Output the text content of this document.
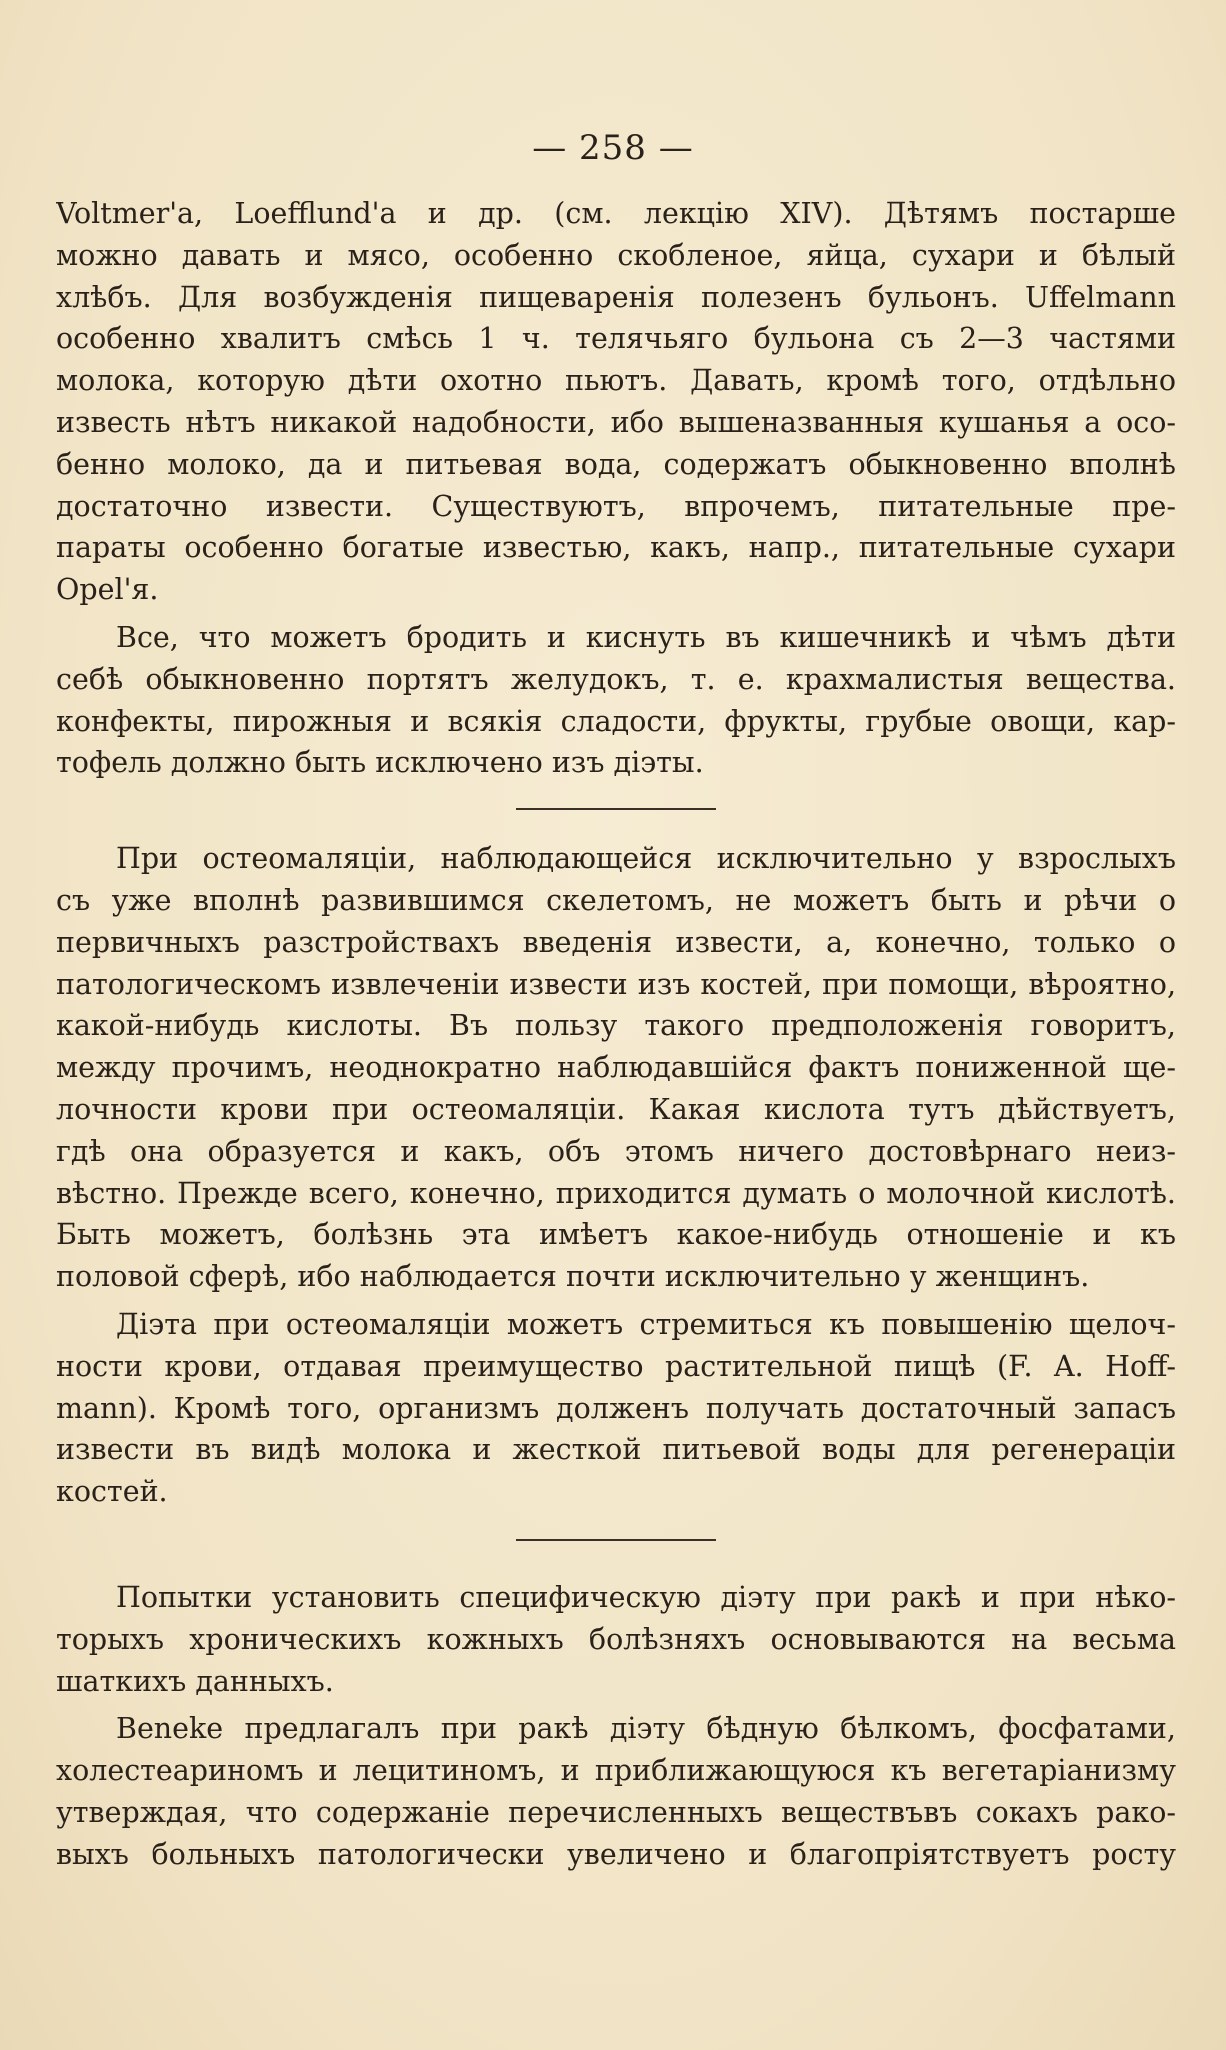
— 258 —
Voltmer'a, Loefflund'a и др. (см. лекцію XIV). Дѣтямъ постарше
можно давать и мясо, особенно скобленое, яйца, сухари и бѣлый
хлѣбъ. Для возбужденія пищеваренія полезенъ бульонъ. Uffelmann
особенно хвалитъ смѣсь 1 ч. телячьяго бульона съ 2—3 частями
молока, которую дѣти охотно пьютъ. Давать, кромѣ того, отдѣльно
известь нѣтъ никакой надобности, ибо вышеназванныя кушанья а осо-
бенно молоко, да и питьевая вода, содержатъ обыкновенно вполнѣ
достаточно извести. Существуютъ, впрочемъ, питательные пре-
параты особенно богатые известью, какъ, напр., питательные сухари
Opel'я.
Все, что можетъ бродить и киснуть въ кишечникѣ и чѣмъ дѣти
себѣ обыкновенно портятъ желудокъ, т. е. крахмалистыя вещества.
конфекты, пирожныя и всякія сладости, фрукты, грубые овощи, кар-
тофель должно быть исключено изъ діэты.
При остеомаляціи, наблюдающейся исключительно у взрослыхъ
съ уже вполнѣ развившимся скелетомъ, не можетъ быть и рѣчи о
первичныхъ разстройствахъ введенія извести, а, конечно, только о
патологическомъ извлеченіи извести изъ костей, при помощи, вѣроятно,
какой-нибудь кислоты. Въ пользу такого предположенія говоритъ,
между прочимъ, неоднократно наблюдавшійся фактъ пониженной ще-
лочности крови при остеомаляціи. Какая кислота тутъ дѣйствуетъ,
гдѣ она образуется и какъ, объ этомъ ничего достовѣрнаго неиз-
вѣстно. Прежде всего, конечно, приходится думать о молочной кислотѣ.
Быть можетъ, болѣзнь эта имѣетъ какое-нибудь отношеніе и къ
половой сферѣ, ибо наблюдается почти исключительно у женщинъ.
Діэта при остеомаляціи можетъ стремиться къ повышенію щелоч-
ности крови, отдавая преимущество растительной пищѣ (F. A. Hoff-
mann). Кромѣ того, организмъ долженъ получать достаточный запасъ
извести въ видѣ молока и жесткой питьевой воды для регенераціи
костей.
Попытки установить специфическую діэту при ракѣ и при нѣко-
торыхъ хроническихъ кожныхъ болѣзняхъ основываются на весьма
шаткихъ данныхъ.
Beneke предлагалъ при ракѣ діэту бѣдную бѣлкомъ, фосфатами,
холестеариномъ и лецитиномъ, и приближающуюся къ вегетаріанизму
утверждая, что содержаніе перечисленныхъ веществъвъ сокахъ рако-
выхъ больныхъ патологически увеличено и благопріятствуетъ росту
